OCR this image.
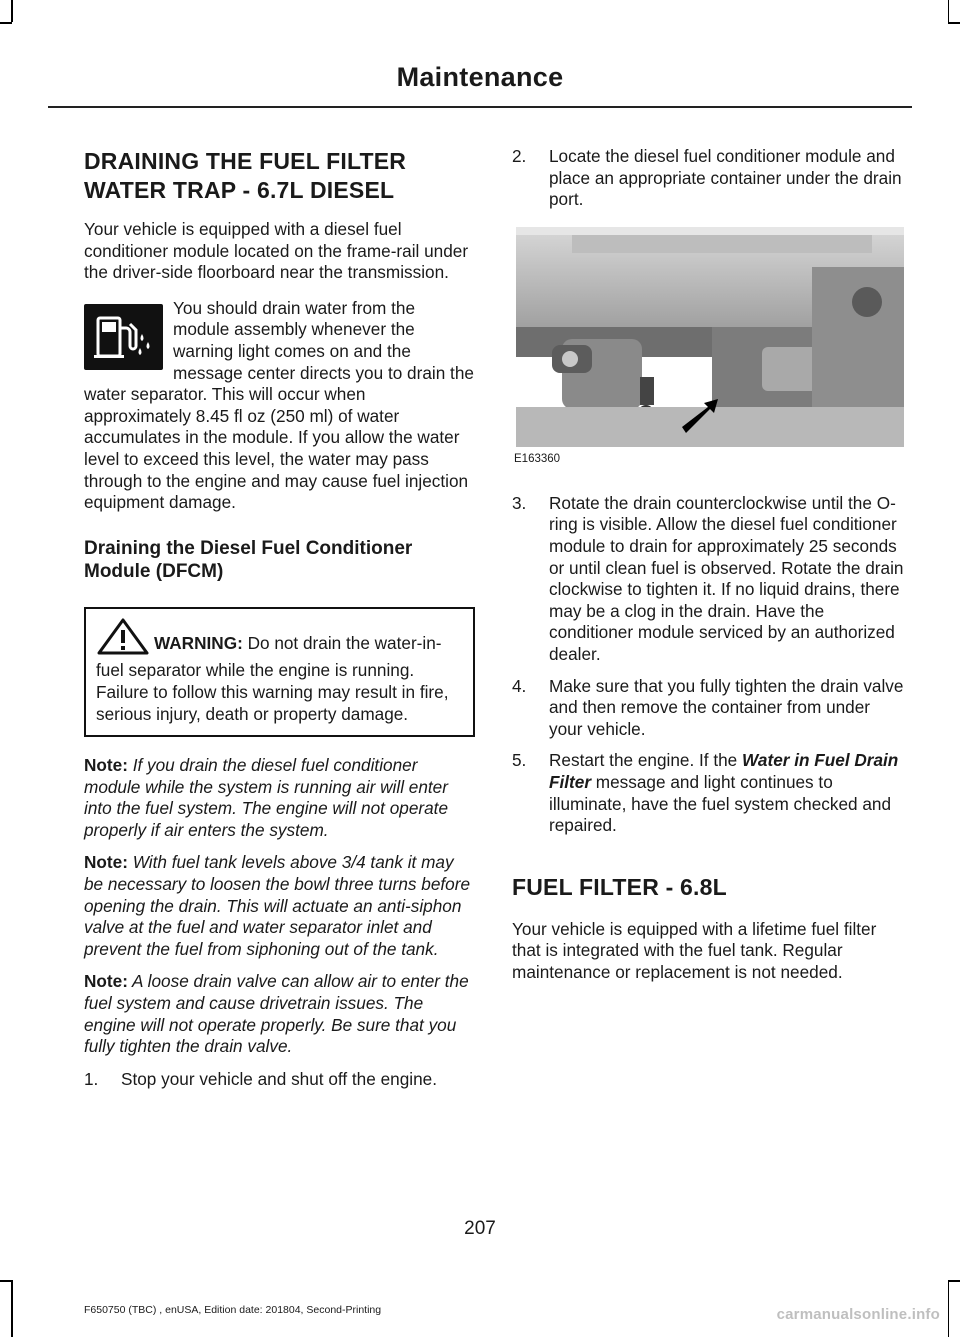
Maintenance
DRAINING THE FUEL FILTER
WATER TRAP - 6.7L DIESEL

Your vehicle is equipped with a diesel fuel conditioner module located on the frame-rail under the driver-side floorboard near the transmission.

You should drain water from the module assembly whenever the warning light comes on and the message center directs you to drain the water separator. This will occur when approximately 8.45 fl oz (250 ml) of water accumulates in the module. If you allow the water level to exceed this level, the water may pass through to the engine and may cause fuel injection equipment damage.

Draining the Diesel Fuel Conditioner Module (DFCM)
WARNING: Do not drain the water-in-fuel separator while the engine is running. Failure to follow this warning may result in fire, serious injury, death or property damage.

Note: If you drain the diesel fuel conditioner module while the system is running air will enter into the fuel system. The engine will not operate properly if air enters the system.

Note: With fuel tank levels above 3/4 tank it may be necessary to loosen the bowl three turns before opening the drain. This will actuate an anti-siphon valve at the fuel and water separator inlet and prevent the fuel from siphoning out of the tank.

Note: A loose drain valve can allow air to enter the fuel system and cause drivetrain issues. The engine will not operate properly. Be sure that you fully tighten the drain valve.

1.	Stop your vehicle and shut off the engine.
2.	Locate the diesel fuel conditioner module and place an appropriate container under the drain port.
E163360
3.	Rotate the drain counterclockwise until the O-ring is visible. Allow the diesel fuel conditioner module to drain for approximately 25 seconds or until clean fuel is observed. Rotate the drain clockwise to tighten it. If no liquid drains, there may be a clog in the drain. Have the conditioner module serviced by an authorized dealer.
4.	Make sure that you fully tighten the drain valve and then remove the container from under your vehicle.
5.	Restart the engine. If the Water in Fuel Drain Filter message and light continues to illuminate, have the fuel system checked and repaired.
FUEL FILTER - 6.8L

Your vehicle is equipped with a lifetime fuel filter that is integrated with the fuel tank. Regular maintenance or replacement is not needed.

207
F650750 (TBC) , enUSA, Edition date: 201804, Second-Printing	carmanualsonline.info
